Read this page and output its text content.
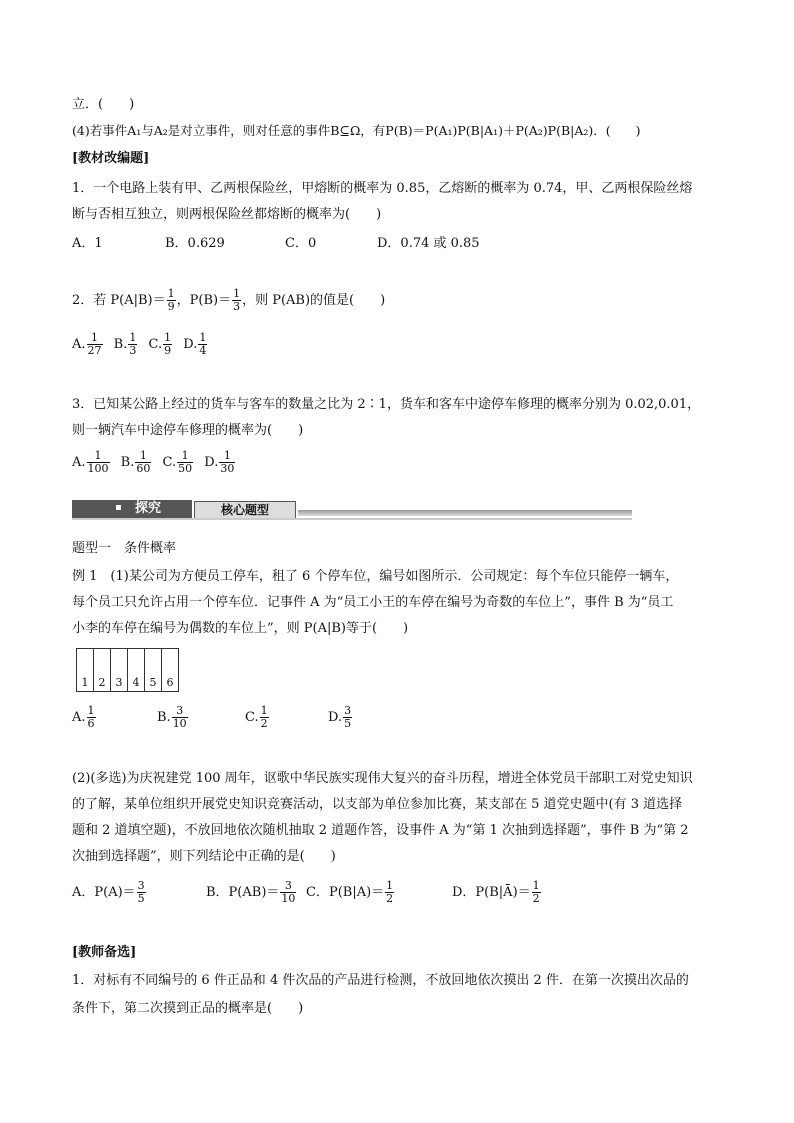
立．(　　)
(4)若事件A₁与A₂是对立事件，则对任意的事件B⊆Ω，有P(B)＝P(A₁)P(B|A₁)＋P(A₂)P(B|A₂)．(　　)
[教材改编题]
1．一个电路上装有甲、乙两根保险丝，甲熔断的概率为 0.85，乙熔断的概率为 0.74，甲、乙两根保险丝熔
断与否相互独立，则两根保险丝都熔断的概率为(　　)
A．1	B．0.629	C．0	D．0.74 或 0.85
2．若 $P(A|B)= \frac{1}{9}$ ，$P(B)= \frac{1}{3}$ ，则 P(AB)的值是(　　)
A. $\frac{1}{27} B$. $\frac{1}{3} C$. $\frac{1}{9} D$. $\frac{1}{4}$
3．已知某公路上经过的货车与客车的数量之比为 2∶1，货车和客车中途停车修理的概率分别为 0.02,0.01，
则一辆汽车中途停车修理的概率为(　　)
A. $\frac{1}{100} B$. $\frac{1}{60} C$. $\frac{1}{50} D$. $\frac{1}{30}$
探究	核心题型
题型一　条件概率
例 1　(1)某公司为方便员工停车，租了 6 个停车位，编号如图所示．公司规定：每个车位只能停一辆车，
每个员工只允许占用一个停车位．记事件 A 为“员工小王的车停在编号为奇数的车位上”，事件 B 为“员工
小李的车停在编号为偶数的车位上”，则 P(A|B)等于(　　)
1 2 3 4 5 6
A. $\frac{1}{6}$	B. $\frac{3}{10}$	C. $\frac{1}{2}$	D. $\frac{3}{5}$
(2)(多选)为庆祝建党 100 周年，讴歌中华民族实现伟大复兴的奋斗历程，增进全体党员干部职工对党史知识
的了解，某单位组织开展党史知识竞赛活动，以支部为单位参加比赛，某支部在 5 道党史题中(有 3 道选择
题和 2 道填空题)，不放回地依次随机抽取 2 道题作答，设事件 A 为“第 1 次抽到选择题”，事件 B 为“第 2
次抽到选择题”，则下列结论中正确的是(　　)
A．$P(A)= \frac{3}{5}$	B．$P(AB)= \frac{3}{10}$ C．$P(B|A)= \frac{1}{2}$	D．P(B|Ā)＝ $\frac{1}{2}$
[教师备选]
1．对标有不同编号的 6 件正品和 4 件次品的产品进行检测，不放回地依次摸出 2 件．在第一次摸出次品的
条件下，第二次摸到正品的概率是(　　)
